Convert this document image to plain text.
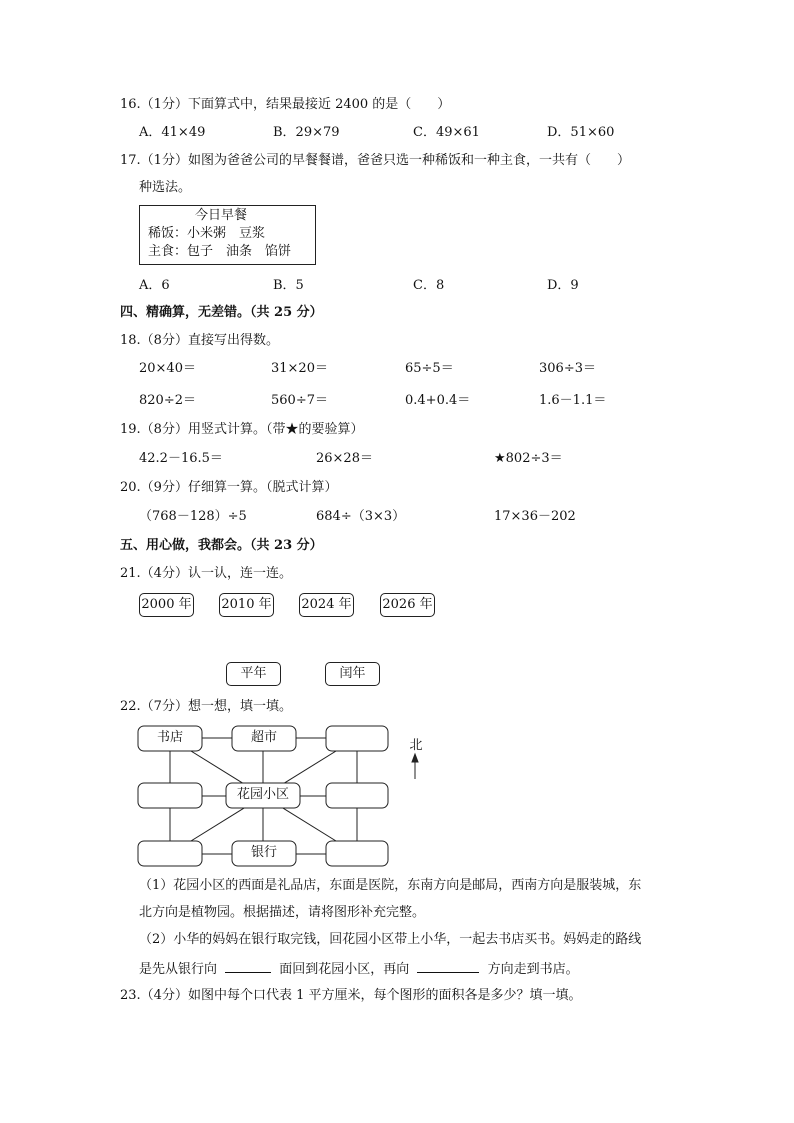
16.（1分）下面算式中，结果最接近 2400 的是（　　）
A．41×49	B．29×79	C．49×61	D．51×60
17.（1分）如图为爸爸公司的早餐餐谱，爸爸只选一种稀饭和一种主食，一共有（　　）
种选法。
今日早餐
稀饭：小米粥　豆浆
主食：包子　油条　馅饼
A．6	B．5	C．8	D．9
四、精确算，无差错。（共 25 分）
18.（8分）直接写出得数。
20×40＝	31×20＝	65÷5＝	306÷3＝
820÷2＝	560÷7＝	0.4+0.4＝	1.6－1.1＝
19.（8分）用竖式计算。（带★的要验算）
42.2－16.5＝	26×28＝	★802÷3＝
20.（9分）仔细算一算。（脱式计算）
（768－128）÷5	684÷（3×3）	17×36－202
五、用心做，我都会。（共 23 分）
21.（4分）认一认，连一连。
2000 年 2010 年 2024 年 2026 年
平年	闰年
22.（7分）想一想，填一填。
书店	超市
花园小区
银行
北
（1）花园小区的西面是礼品店，东面是医院，东南方向是邮局，西南方向是服装城，东
北方向是植物园。根据描述，请将图形补充完整。
（2）小华的妈妈在银行取完钱，回花园小区带上小华，一起去书店买书。妈妈走的路线
是先从银行向	面回到花园小区，再向	方向走到书店。
23.（4分）如图中每个口代表 1 平方厘米，每个图形的面积各是多少？填一填。
